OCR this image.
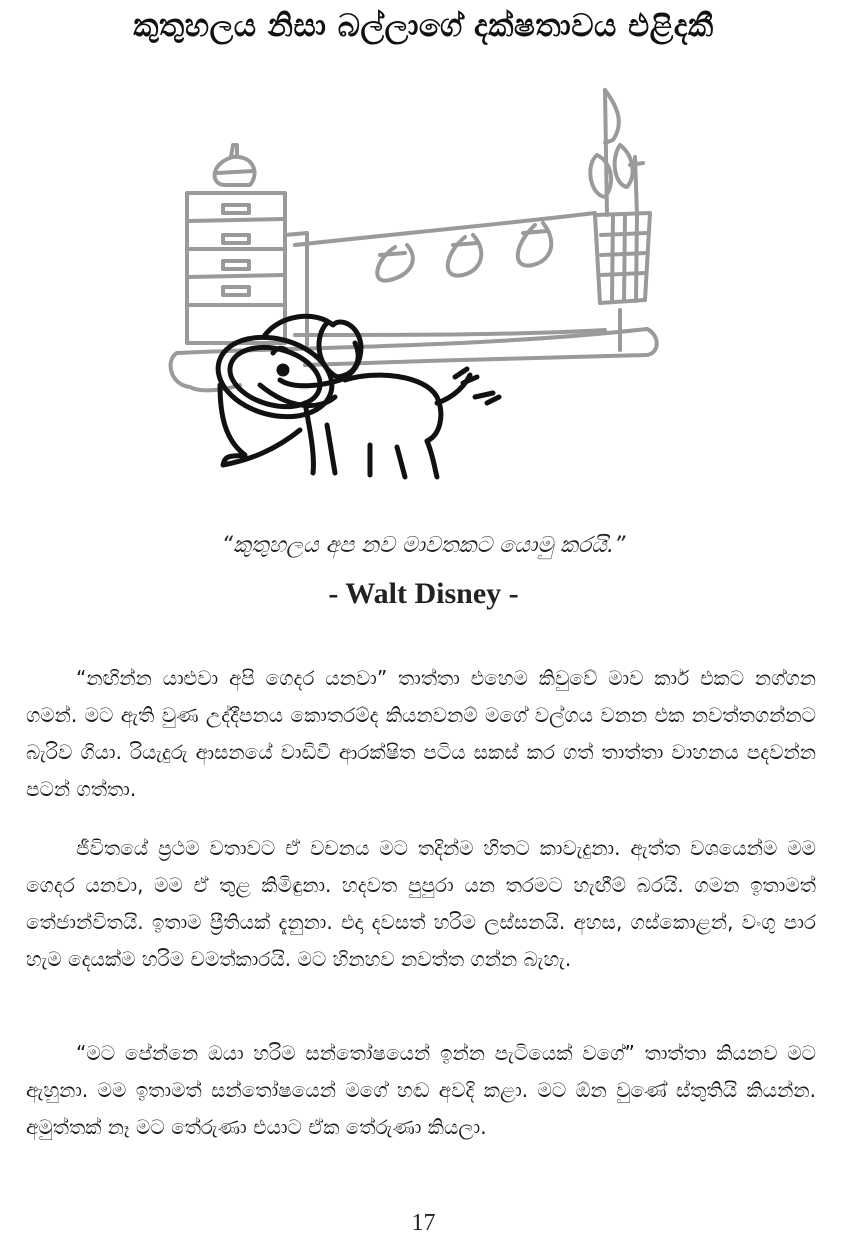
කුතුහලය නිසා බල්ලාගේ දක්ෂතාවය එළිදකී
“කුතුහලය අප නව මාවතකට යොමු කරයි.”
- Walt Disney -

“නඟින්න යාළුවා අපි ගෙදර යනවා” තාත්තා එහෙම කිවුවේ මාව කාර් එකට නග්ගන ගමන්. මට ඇති වුණ උද්දීපනය කොතරම්ද කියනවනම් මගේ වල්ගය වනන එක නවත්තගන්නට බැරිව ගියා. රියැදුරු ආසනයේ වාඩිවී ආරක්ෂිත පටිය සකස් කර ගත් තාත්තා වාහනය පදවන්න පටන් ගත්තා.

ජීවිතයේ ප්‍රථම වතාවට ඒ වචනය මට තදින්ම හිතට කාවැදුනා. ඇත්ත වශයෙන්ම මම ගෙදර යනවා, මම ඒ තුළ කිමිඳුනා. හදවත පුපුරා යන තරමට හැඟීම් බරයි. ගමන ඉතාමත් තේජාන්විතයි. ඉතාම ප්‍රීතියක් දැනුනා. එදා දවසත් හරිම ලස්සනයි. අහස, ගස්කොළන්, වංගු පාර හැම දෙයක්ම හරිම චමත්කාරයි. මට හිනහව නවත්ත ගන්න බැහැ.

“මට පේන්නෙ ඔයා හරිම සන්තෝෂයෙන් ඉන්න පැටියෙක් වගේ” තාත්තා කියනව මට ඇහුනා. මම ඉතාමත් සන්තෝෂයෙන් මගේ හඬ අවදි කළා. මට ඕන වුණේ ස්තුතියි කියන්න. අමුත්තක් නෑ මට තේරුණා එයාට ඒක තේරුණා කියලා.

17
